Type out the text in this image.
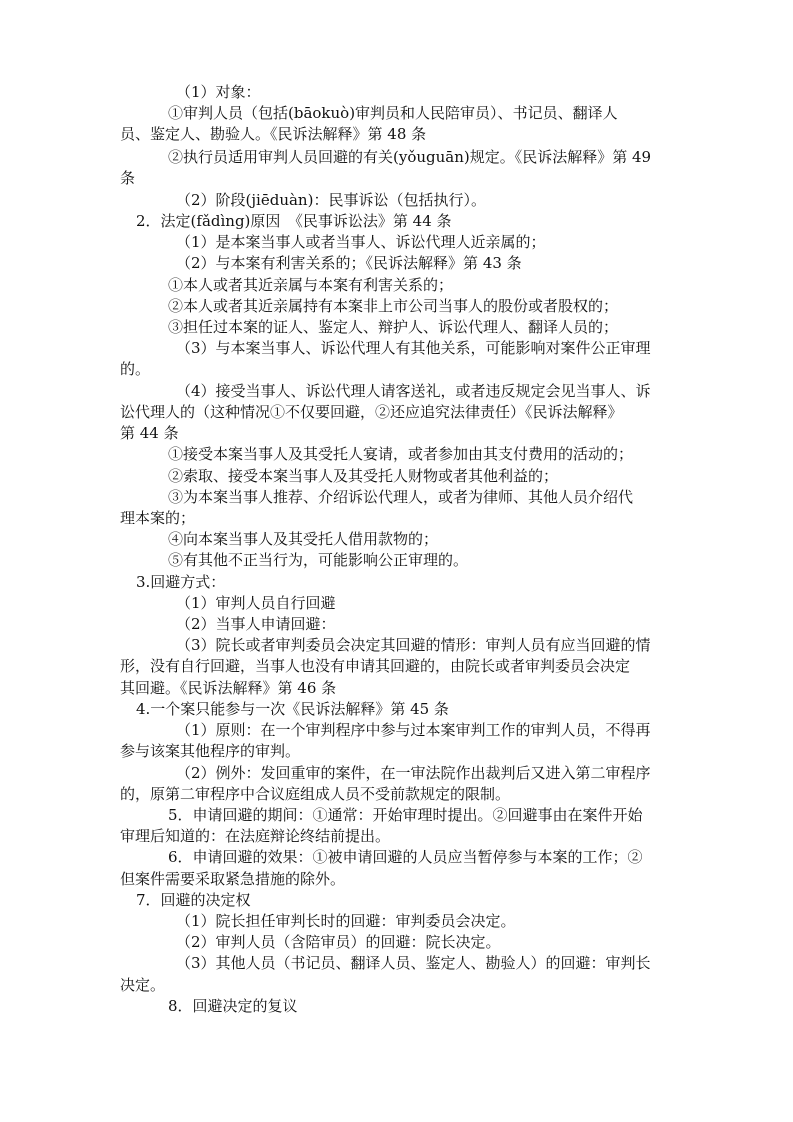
（1）对象：
①审判人员（包括(bāokuò)审判员和人民陪审员）、书记员、翻译人
员、鉴定人、勘验人。《民诉法解释》第 48 条
②执行员适用审判人员回避的有关(yǒuguān)规定。《民诉法解释》第 49
条
（2）阶段(jiēduàn)：民事诉讼（包括执行）。
2．法定(fǎdìng)原因　《民事诉讼法》第 44 条
（1）是本案当事人或者当事人、诉讼代理人近亲属的；
（2）与本案有利害关系的；《民诉法解释》第 43 条
①本人或者其近亲属与本案有利害关系的；
②本人或者其近亲属持有本案非上市公司当事人的股份或者股权的；
③担任过本案的证人、鉴定人、辩护人、诉讼代理人、翻译人员的；
（3）与本案当事人、诉讼代理人有其他关系，可能影响对案件公正审理
的。
（4）接受当事人、诉讼代理人请客送礼，或者违反规定会见当事人、诉
讼代理人的（这种情况①不仅要回避，②还应追究法律责任）《民诉法解释》
第 44 条
①接受本案当事人及其受托人宴请，或者参加由其支付费用的活动的；
②索取、接受本案当事人及其受托人财物或者其他利益的；
③为本案当事人推荐、介绍诉讼代理人，或者为律师、其他人员介绍代
理本案的；
④向本案当事人及其受托人借用款物的；
⑤有其他不正当行为，可能影响公正审理的。
3.回避方式：
（1）审判人员自行回避
（2）当事人申请回避：
（3）院长或者审判委员会决定其回避的情形：审判人员有应当回避的情
形，没有自行回避，当事人也没有申请其回避的，由院长或者审判委员会决定
其回避。《民诉法解释》第 46 条
4.一个案只能参与一次《民诉法解释》第 45 条
（1）原则：在一个审判程序中参与过本案审判工作的审判人员，不得再
参与该案其他程序的审判。
（2）例外：发回重审的案件，在一审法院作出裁判后又进入第二审程序
的，原第二审程序中合议庭组成人员不受前款规定的限制。
5．申请回避的期间：①通常：开始审理时提出。②回避事由在案件开始
审理后知道的：在法庭辩论终结前提出。
6．申请回避的效果：①被申请回避的人员应当暂停参与本案的工作；②
但案件需要采取紧急措施的除外。
7．回避的决定权
（1）院长担任审判长时的回避：审判委员会决定。
（2）审判人员（含陪审员）的回避：院长决定。
（3）其他人员（书记员、翻译人员、鉴定人、勘验人）的回避：审判长
决定。
8．回避决定的复议
